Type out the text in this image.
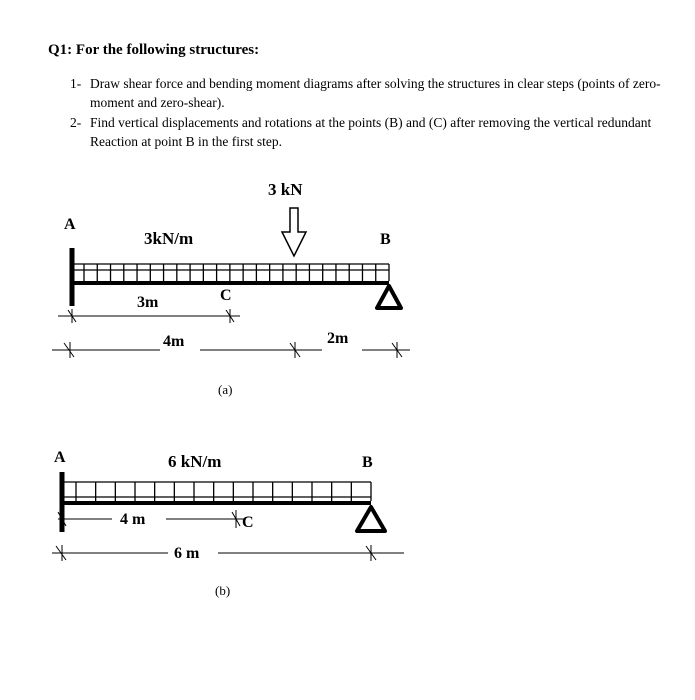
Q1: For the following structures:
1- Draw shear force and bending moment diagrams after solving the structures in clear steps (points of zero-moment and zero-shear).
2- Find vertical displacements and rotations at the points (B) and (C) after removing the vertical redundant Reaction at point B in the first step.
3 kN
3kN/m
A
B
C
3m
4m	2m
(a)
6 kN/m
A	B
C
4 m
6 m
(b)
